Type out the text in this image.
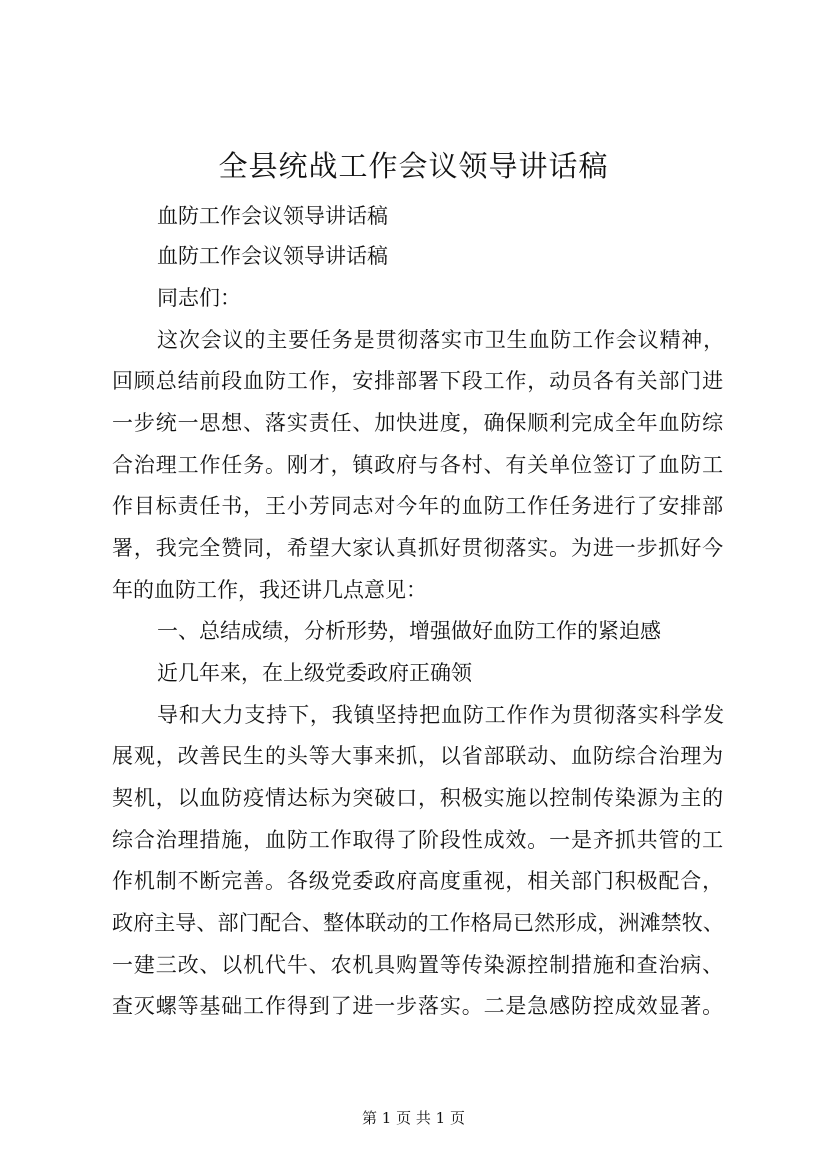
全县统战工作会议领导讲话稿
血防工作会议领导讲话稿
血防工作会议领导讲话稿
同志们：
这次会议的主要任务是贯彻落实市卫生血防工作会议精神，
回顾总结前段血防工作，安排部署下段工作，动员各有关部门进
一步统一思想、落实责任、加快进度，确保顺利完成全年血防综
合治理工作任务。刚才，镇政府与各村、有关单位签订了血防工
作目标责任书，王小芳同志对今年的血防工作任务进行了安排部
署，我完全赞同，希望大家认真抓好贯彻落实。为进一步抓好今
年的血防工作，我还讲几点意见：
一、总结成绩，分析形势，增强做好血防工作的紧迫感
近几年来，在上级党委政府正确领
导和大力支持下，我镇坚持把血防工作作为贯彻落实科学发
展观，改善民生的头等大事来抓，以省部联动、血防综合治理为
契机，以血防疫情达标为突破口，积极实施以控制传染源为主的
综合治理措施，血防工作取得了阶段性成效。一是齐抓共管的工
作机制不断完善。各级党委政府高度重视，相关部门积极配合，
政府主导、部门配合、整体联动的工作格局已然形成，洲滩禁牧、
一建三改、以机代牛、农机具购置等传染源控制措施和查治病、
查灭螺等基础工作得到了进一步落实。二是急感防控成效显著。
第 1 页 共 1 页
